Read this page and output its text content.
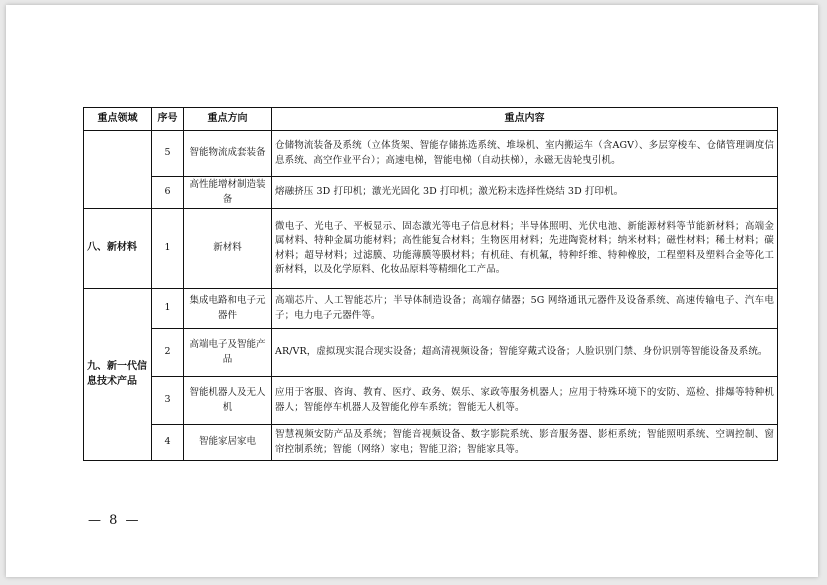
重点领域	序号	重点方向	重点内容
	5	智能物流成套装备	仓储物流装备及系统（立体货架、智能存储拣选系统、堆垛机、室内搬运车（含AGV）、多层穿梭车、仓储管理调度信息系统、高空作业平台）；高速电梯，智能电梯（自动扶梯），永磁无齿轮曳引机。
	6	高性能增材制造装备	熔融挤压 3D 打印机；激光光固化 3D 打印机；激光粉末选择性烧结 3D 打印机。
八、新材料	1	新材料	微电子、光电子、平板显示、固态激光等电子信息材料；半导体照明、光伏电池、新能源材料等节能新材料；高端金属材料、特种金属功能材料；高性能复合材料；生物医用材料；先进陶瓷材料；纳米材料；磁性材料；稀土材料；碳材料；超导材料；过滤膜、功能薄膜等膜材料；有机硅、有机氟，特种纤维、特种橡胶，工程塑料及塑料合金等化工新材料，以及化学原料、化妆品原料等精细化工产品。
九、新一代信息技术产品	1	集成电路和电子元器件	高端芯片、人工智能芯片；半导体制造设备；高端存储器；5G 网络通讯元器件及设备系统、高速传输电子、汽车电子；电力电子元器件等。
	2	高端电子及智能产品	AR/VR，虚拟现实混合现实设备；超高清视频设备；智能穿戴式设备；人脸识别门禁、身份识别等智能设备及系统。
	3	智能机器人及无人机	应用于客服、咨询、教育、医疗、政务、娱乐、家政等服务机器人；应用于特殊环境下的安防、巡检、排爆等特种机器人；智能停车机器人及智能化停车系统；智能无人机等。
	4	智能家居家电	智慧视频安防产品及系统；智能音视频设备、数字影院系统、影音服务器、影柜系统；智能照明系统、空调控制、窗帘控制系统；智能（网络）家电；智能卫浴；智能家具等。
— 8 —
